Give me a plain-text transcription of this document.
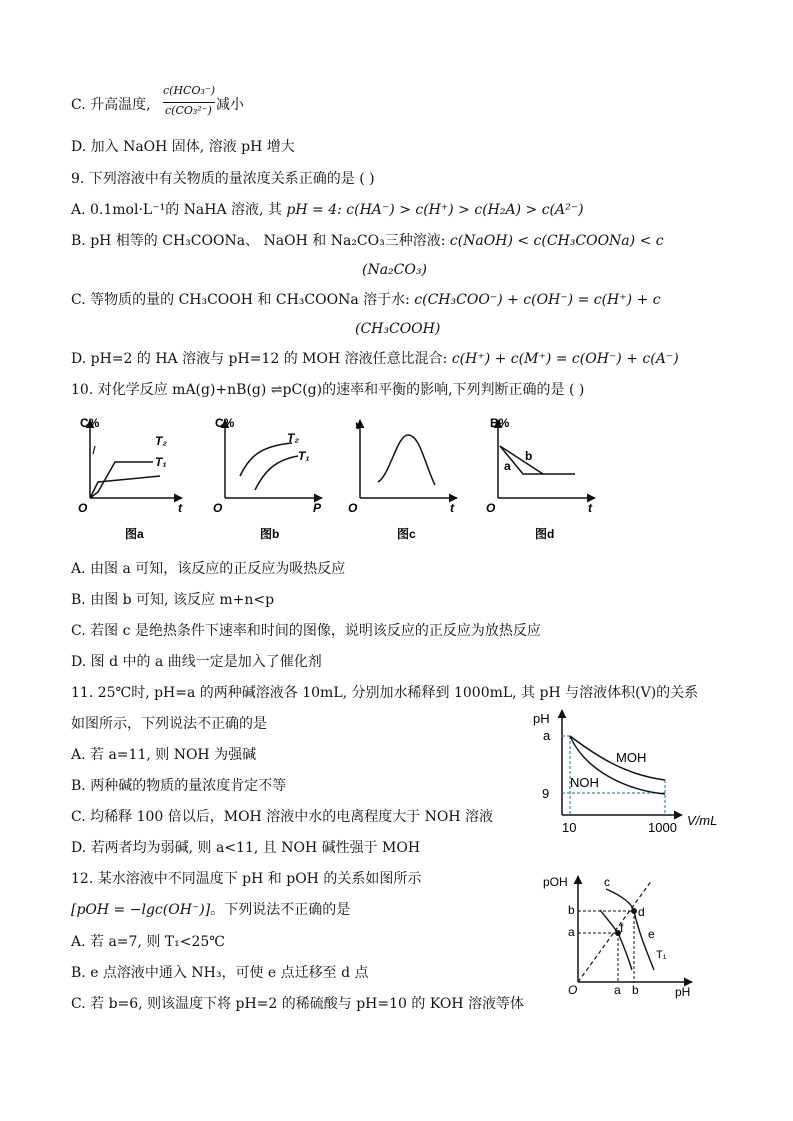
C. 升高温度,
c(HCO₃⁻)
c(CO₃²⁻) 减小
D. 加入 NaOH 固体, 溶液 pH 增大
9. 下列溶液中有关物质的量浓度关系正确的是 ( )
A. 0.1mol·L⁻¹的 NaHA 溶液, 其 pH = 4: c(HA⁻) > c(H⁺) > c(H₂A) > c(A²⁻)
B. pH 相等的 CH₃COONa、 NaOH 和 Na₂CO₃三种溶液: c(NaOH) < c(CH₃COONa) < c
(Na₂CO₃)
C. 等物质的量的 CH₃COOH 和 CH₃COONa 溶于水: c(CH₃COO⁻) + c(OH⁻) = c(H⁺) + c
(CH₃COOH)
D. pH=2 的 HA 溶液与 pH=12 的 MOH 溶液任意比混合: c(H⁺) + c(M⁺) = c(OH⁻) + c(A⁻)
10. 对化学反应 mA(g)+nB(g) ⇌pC(g)的速率和平衡的影响,下列判断正确的是 ( )
C%
t
O
T₂
T₁
图a
C%
P
O
T₂
T₁
图b
v
t
O
图c
B%
t
O
a
b
图d
A. 由图 a 可知，该反应的正反应为吸热反应
B. 由图 b 可知, 该反应 m+n<p
C. 若图 c 是绝热条件下速率和时间的图像，说明该反应的正反应为放热反应
D. 图 d 中的 a 曲线一定是加入了催化剂
11. 25℃时, pH=a 的两种碱溶液各 10mL, 分别加水稀释到 1000mL, 其 pH 与溶液体积(V)的关系
如图所示，下列说法不正确的是
A. 若 a=11, 则 NOH 为强碱
B. 两种碱的物质的量浓度肯定不等
C. 均稀释 100 倍以后，MOH 溶液中水的电离程度大于 NOH 溶液
D. 若两者均为弱碱, 则 a<11, 且 NOH 碱性强于 MOH
pH
V/mL
a
9
10	1000
MOH
NOH
12. 某水溶液中不同温度下 pH 和 pOH 的关系如图所示
[pOH = −lgc(OH⁻)]。下列说法不正确的是
A. 若 a=7, 则 T₁<25℃
B. e 点溶液中通入 NH₃，可使 e 点迁移至 d 点
C. 若 b=6, 则该温度下将 pH=2 的稀硫酸与 pH=10 的 KOH 溶液等体
pOH
pH
O
b
a
a b
c
d
f e
T₁
